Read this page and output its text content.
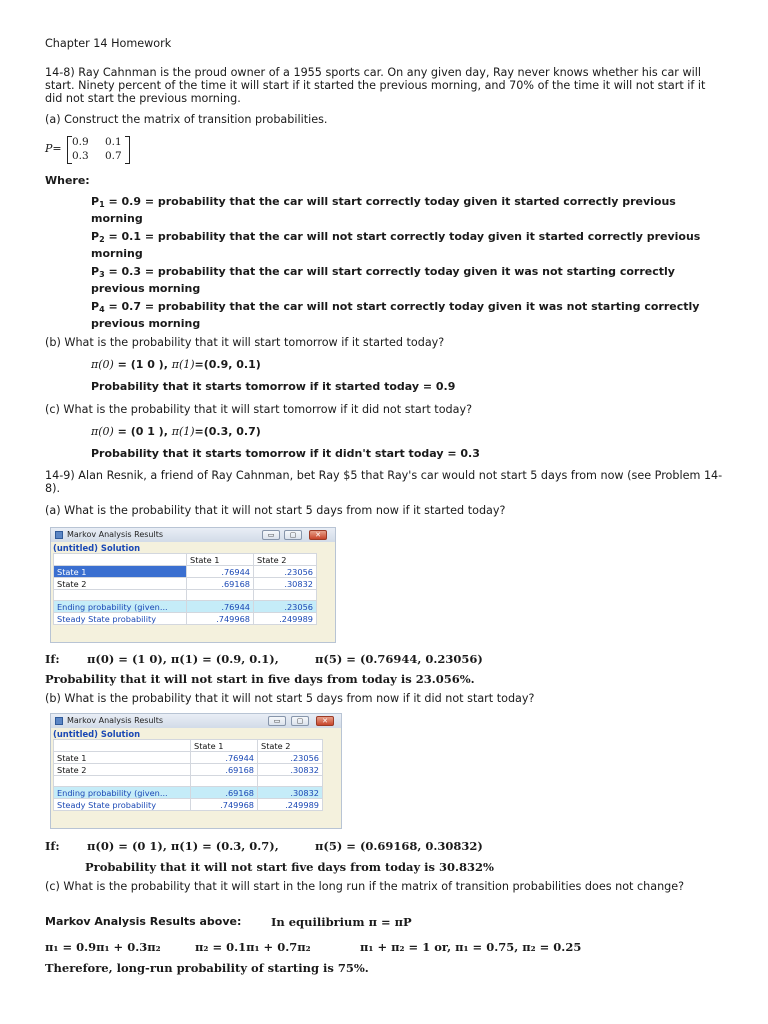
Chapter 14 Homework
14-8) Ray Cahnman is the proud owner of a 1955 sports car. On any given day, Ray never knows whether his car will start. Ninety percent of the time it will start if it started the previous morning, and 70% of the time it will not start if it did not start the previous morning.
(a) Construct the matrix of transition probabilities.
P= 0.9 0.1
0.3 0.7
Where:
$P_1 = 0.9$ = probability that the car will start correctly today given it started correctly previous morning
$P_2 = 0.1$ = probability that the car will not start correctly today given it started correctly previous morning
$P_3 = 0.3$ = probability that the car will start correctly today given it was not starting correctly previous morning
$P_4 = 0.7$ = probability that the car will not start correctly today given it was not starting correctly previous morning
(b) What is the probability that it will start tomorrow if it started today?
π(0) = (1 0 ), π(1)=(0.9, 0.1)
Probability that it starts tomorrow if it started today = 0.9
(c) What is the probability that it will start tomorrow if it did not start today?
π(0) = (0 1 ), π(1)=(0.3, 0.7)
Probability that it starts tomorrow if it didn't start today = 0.3
14-9) Alan Resnik, a friend of Ray Cahnman, bet Ray $5 that Ray's car would not start 5 days from now (see Problem 14-8).
(a) What is the probability that it will not start 5 days from now if it started today?
Markov Analysis Results	▭	▢	✕
(untitled) Solution
	State 1	State 2
State 1	.76944	.23056
State 2	.69168	.30832

Ending probability (given...	.76944	.23056
Steady State probability	.749968	.249989
If: π(0) = (1 0), π(1) = (0.9, 0.1),	π(5) = (0.76944, 0.23056)
Probability that it will not start in five days from today is 23.056%.
(b) What is the probability that it will not start 5 days from now if it did not start today?
Markov Analysis Results	▭	▢	✕
(untitled) Solution
	State 1	State 2
State 1	.76944	.23056
State 2	.69168	.30832

Ending probability (given...	.69168	.30832
Steady State probability	.749968	.249989
If: π(0) = (0 1), π(1) = (0.3, 0.7),	π(5) = (0.69168, 0.30832)
Probability that it will not start five days from today is 30.832%
(c) What is the probability that it will start in the long run if the matrix of transition probabilities does not change?
Markov Analysis Results above:	In equilibrium π = πP
π₁ = 0.9π₁ + 0.3π₂	π₂ = 0.1π₁ + 0.7π₂	π₁ + π₂ = 1 or, π₁ = 0.75, π₂ = 0.25
Therefore, long-run probability of starting is 75%.
